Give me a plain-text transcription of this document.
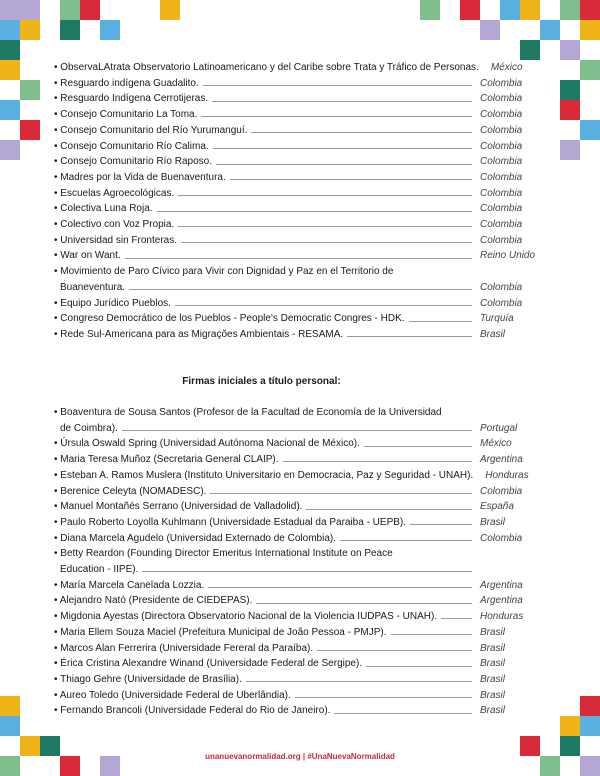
• ObservaLAtrata Observatorio Latinoamericano y del Caribe sobre Trata y Tráfico de Personas. México
• Resguardo indígena Guadalito.	Colombia
• Resguardo Indígena Cerrotijeras.	Colombia
• Consejo Comunitario La Toma.	Colombia
• Consejo Comunitario del Río Yurumanguí.	Colombia
• Consejo Comunitario Río Calima.	Colombia
• Consejo Comunitario Río Raposo.	Colombia
• Madres por la Vida de Buenaventura.	Colombia
• Escuelas Agroecológicas.	Colombia
• Colectiva Luna Roja.	Colombia
• Colectivo con Voz Propia.	Colombia
• Universidad sin Fronteras.	Colombia
• War on Want.	Reino Unido
• Movimiento de Paro Cívico para Vivir con Dignidad y Paz en el Territorio de
Buaneventura.	Colombia
• Equipo Jurídico Pueblos.	Colombia
• Congreso Democrático de los Pueblos - People's Democratic Congres - HDK.	Turquía
• Rede Sul-Americana para as Migrações Ambientais - RESAMA.	Brasil

Firmas iniciales a título personal:

• Boaventura de Sousa Santos (Profesor de la Facultad de Economía de la Universidad
de Coimbra).	Portugal
• Úrsula Oswald Spring (Universidad Autónoma Nacional de México).	México
• Maria Teresa Muñoz (Secretaria General CLAIP).	Argentina
• Esteban A. Ramos Muslera (Instituto Universitario en Democracia, Paz y Seguridad - UNAH). Honduras
• Berenice Celeyta (NOMADESC).	Colombia
• Manuel Montañés Serrano (Universidad de Valladolid).	España
• Paulo Roberto Loyolla Kuhlmann (Universidade Estadual da Paraiba - UEPB).	Brasil
• Diana Marcela Agudelo (Universidad Externado de Colombia).	Colombia
• Betty Reardon (Founding Director Emeritus International Institute on Peace
Education - IIPE).
• María Marcela Canelada Lozzia.	Argentina
• Alejandro Nató (Presidente de CIEDEPAS).	Argentina
• Migdonia Ayestas (Directora Observatorio Nacional de la Violencia IUDPAS - UNAH).	Honduras
• Maria Ellem Souza Maciel (Prefeitura Municipal de João Pessoa - PMJP).	Brasil
• Marcos Alan Ferrerira (Universidade Fereral da Paraíba).	Brasil
• Érica Cristina Alexandre Winand (Universidade Federal de Sergipe).	Brasil
• Thiago Gehre (Universidade de Brasília).	Brasil
• Aureo Toledo (Universidade Federal de Uberlândia).	Brasil
• Fernando Brancoli (Universidade Federal do Rio de Janeiro).	Brasil
unanuevanormalidad.org | #UnaNuevaNormalidad
